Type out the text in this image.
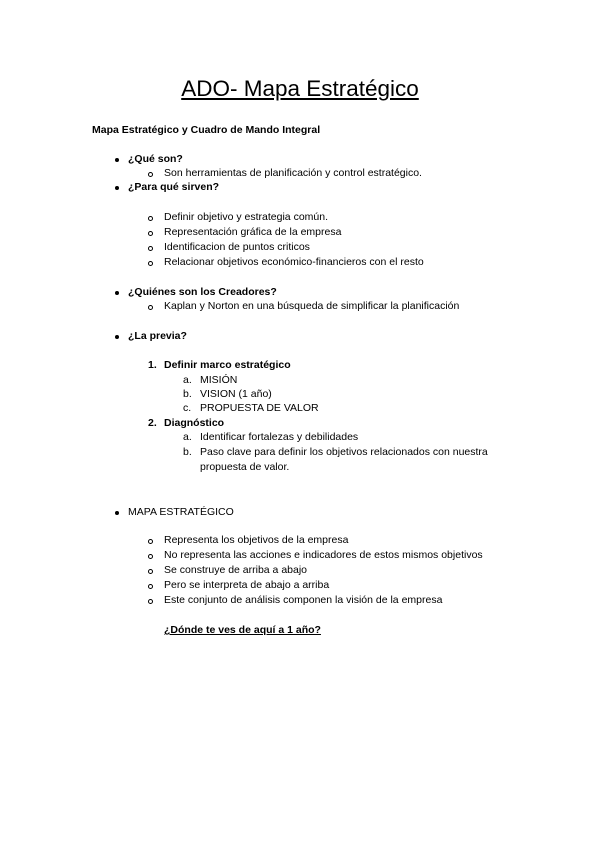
ADO- Mapa Estratégico
Mapa Estratégico y Cuadro de Mando Integral
¿Qué son?
Son herramientas de planificación y control estratégico.
¿Para qué sirven?
Definir objetivo y estrategia común.
Representación gráfica de la empresa
Identificacion de puntos criticos
Relacionar objetivos económico-financieros con el resto
¿Quiénes son los Creadores?
Kaplan y Norton en una búsqueda de simplificar la planificación
¿La previa?
1. Definir marco estratégico
a. MISIÓN
b. VISION (1 año)
c. PROPUESTA DE VALOR
2. Diagnóstico
a. Identificar fortalezas y debilidades
b. Paso clave para definir los objetivos relacionados con nuestra
propuesta de valor.
MAPA ESTRATÉGICO
Representa los objetivos de la empresa
No representa las acciones e indicadores de estos mismos objetivos
Se construye de arriba a abajo
Pero se interpreta de abajo a arriba
Este conjunto de análisis componen la visión de la empresa
¿Dónde te ves de aquí a 1 año?
